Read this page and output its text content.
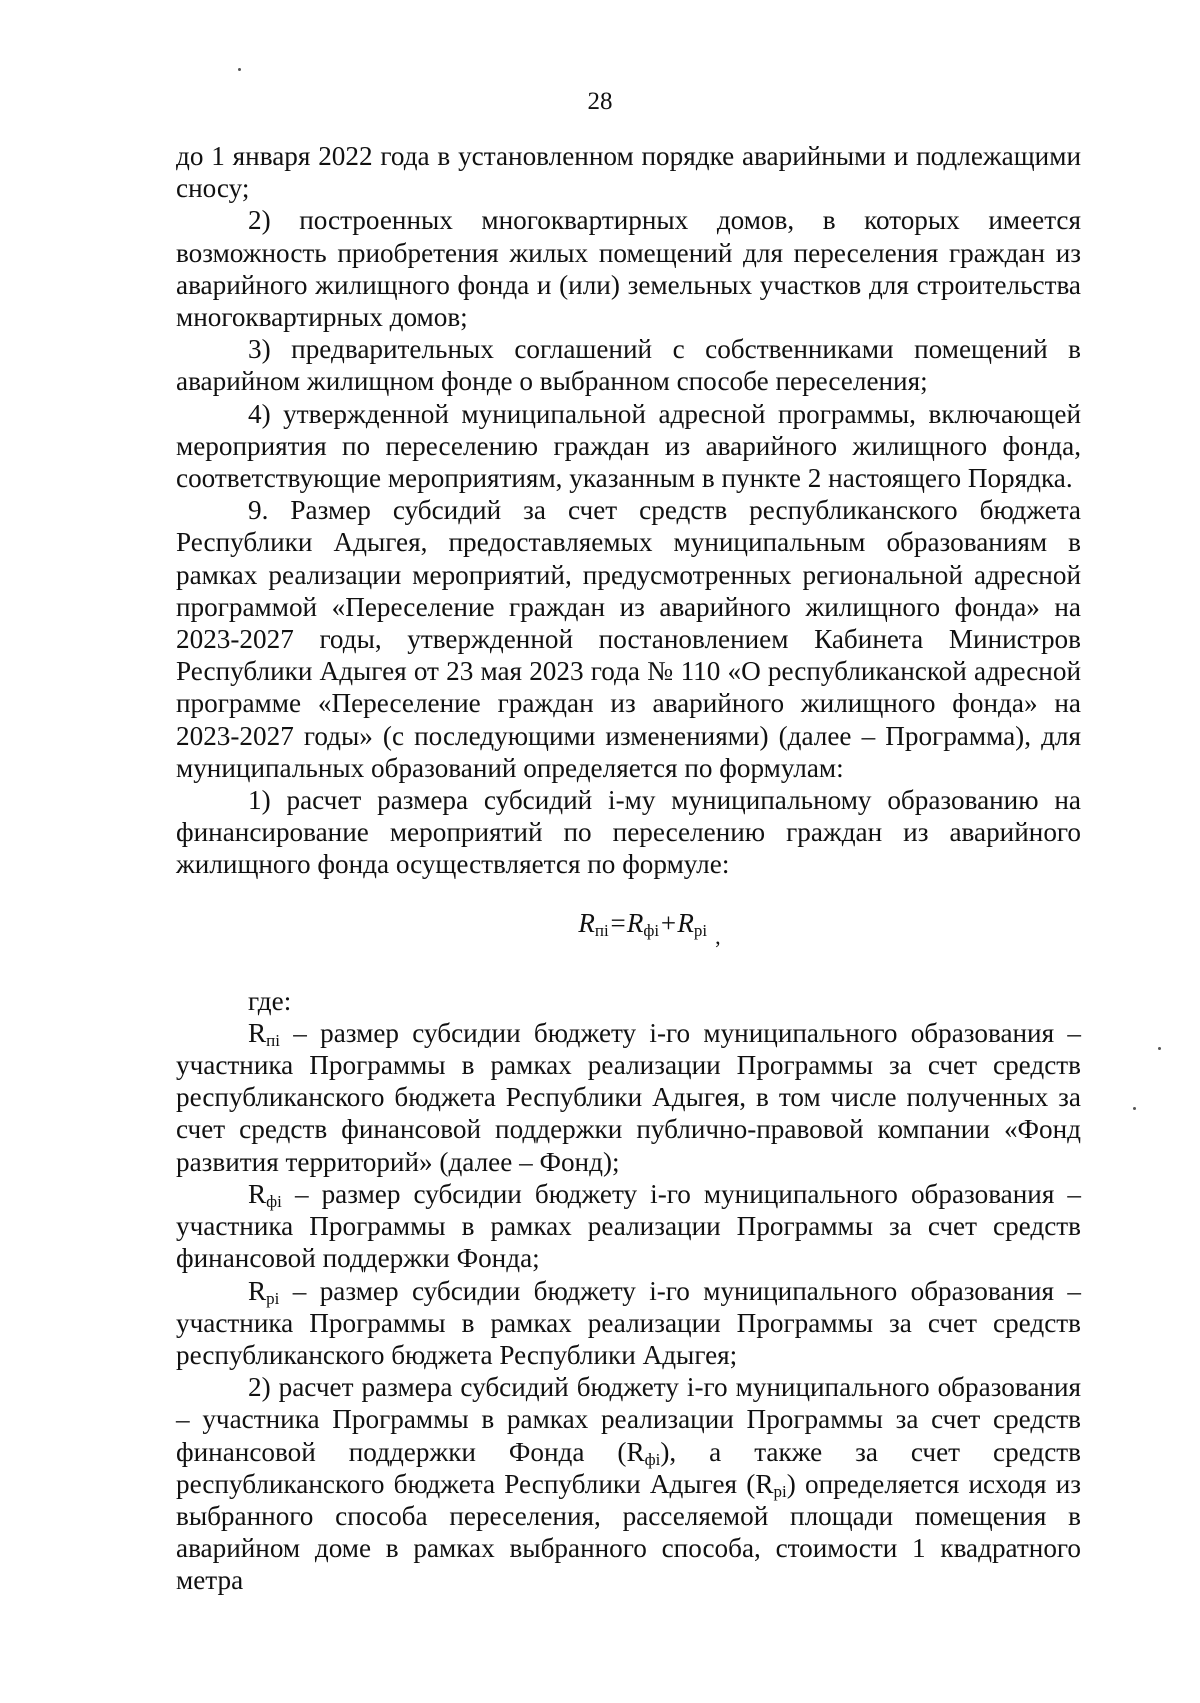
28

до 1 января 2022 года в установленном порядке аварийными и подлежащими сносу;

2) построенных многоквартирных домов, в которых имеется возможность приобретения жилых помещений для переселения граждан из аварийного жилищного фонда и (или) земельных участков для строительства многоквартирных домов;

3) предварительных соглашений с собственниками помещений в аварийном жилищном фонде о выбранном способе переселения;

4) утвержденной муниципальной адресной программы, включающей мероприятия по переселению граждан из аварийного жилищного фонда, соответствующие мероприятиям, указанным в пункте 2 настоящего Порядка.

9. Размер субсидий за счет средств республиканского бюджета Республики Адыгея, предоставляемых муниципальным образованиям в рамках реализации мероприятий, предусмотренных региональной адресной программой «Переселение граждан из аварийного жилищного фонда» на 2023-2027 годы, утвержденной постановлением Кабинета Министров Республики Адыгея от 23 мая 2023 года № 110 «О республиканской адресной программе «Переселение граждан из аварийного жилищного фонда» на 2023-2027 годы» (с последующими изменениями) (далее – Программа), для муниципальных образований определяется по формулам:

1) расчет размера субсидий i-му муниципальному образованию на финансирование мероприятий по переселению граждан из аварийного жилищного фонда осуществляется по формуле:

$R_{пi}=R_{фi}+R_{pi}$ $_,$

где:

$R_{пi}$ – размер субсидии бюджету i-го муниципального образования – участника Программы в рамках реализации Программы за счет средств республиканского бюджета Республики Адыгея, в том числе полученных за счет средств финансовой поддержки публично-правовой компании «Фонд развития территорий» (далее – Фонд);

$R_{фi}$ – размер субсидии бюджету i-го муниципального образования – участника Программы в рамках реализации Программы за счет средств финансовой поддержки Фонда;

$R_{pi}$ – размер субсидии бюджету i-го муниципального образования – участника Программы в рамках реализации Программы за счет средств республиканского бюджета Республики Адыгея;

2) расчет размера субсидий бюджету i-го муниципального образования – участника Программы в рамках реализации Программы за счет средств финансовой поддержки Фонда $(R_{фi})$, а также за счет средств республиканского бюджета Республики Адыгея $(R_{pi})$ определяется исходя из выбранного способа переселения, расселяемой площади помещения в аварийном доме в рамках выбранного способа, стоимости 1 квадратного метра
